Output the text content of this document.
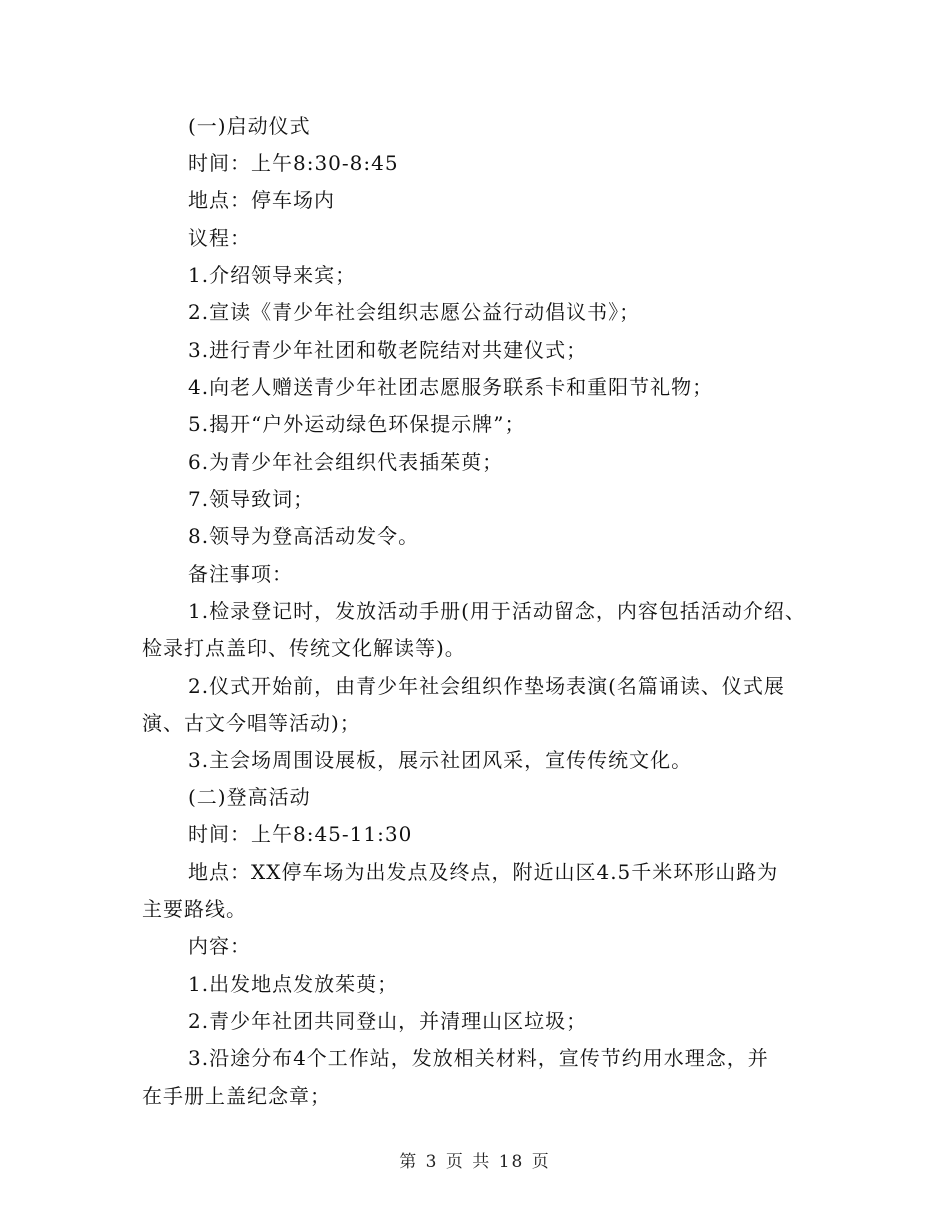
(一)启动仪式
时间：上午8:30-8:45
地点：停车场内
议程：
1.介绍领导来宾；
2.宣读《青少年社会组织志愿公益行动倡议书》；
3.进行青少年社团和敬老院结对共建仪式；
4.向老人赠送青少年社团志愿服务联系卡和重阳节礼物；
5.揭开“户外运动绿色环保提示牌”；
6.为青少年社会组织代表插茱萸；
7.领导致词；
8.领导为登高活动发令。
备注事项：
1.检录登记时，发放活动手册(用于活动留念，内容包括活动介绍、
检录打点盖印、传统文化解读等)。
2.仪式开始前，由青少年社会组织作垫场表演(名篇诵读、仪式展
演、古文今唱等活动)；
3.主会场周围设展板，展示社团风采，宣传传统文化。
(二)登高活动
时间：上午8:45-11:30
地点：XX停车场为出发点及终点，附近山区4.5千米环形山路为
主要路线。
内容：
1.出发地点发放茱萸；
2.青少年社团共同登山，并清理山区垃圾；
3.沿途分布4个工作站，发放相关材料，宣传节约用水理念，并
在手册上盖纪念章；
第 3 页 共 18 页
